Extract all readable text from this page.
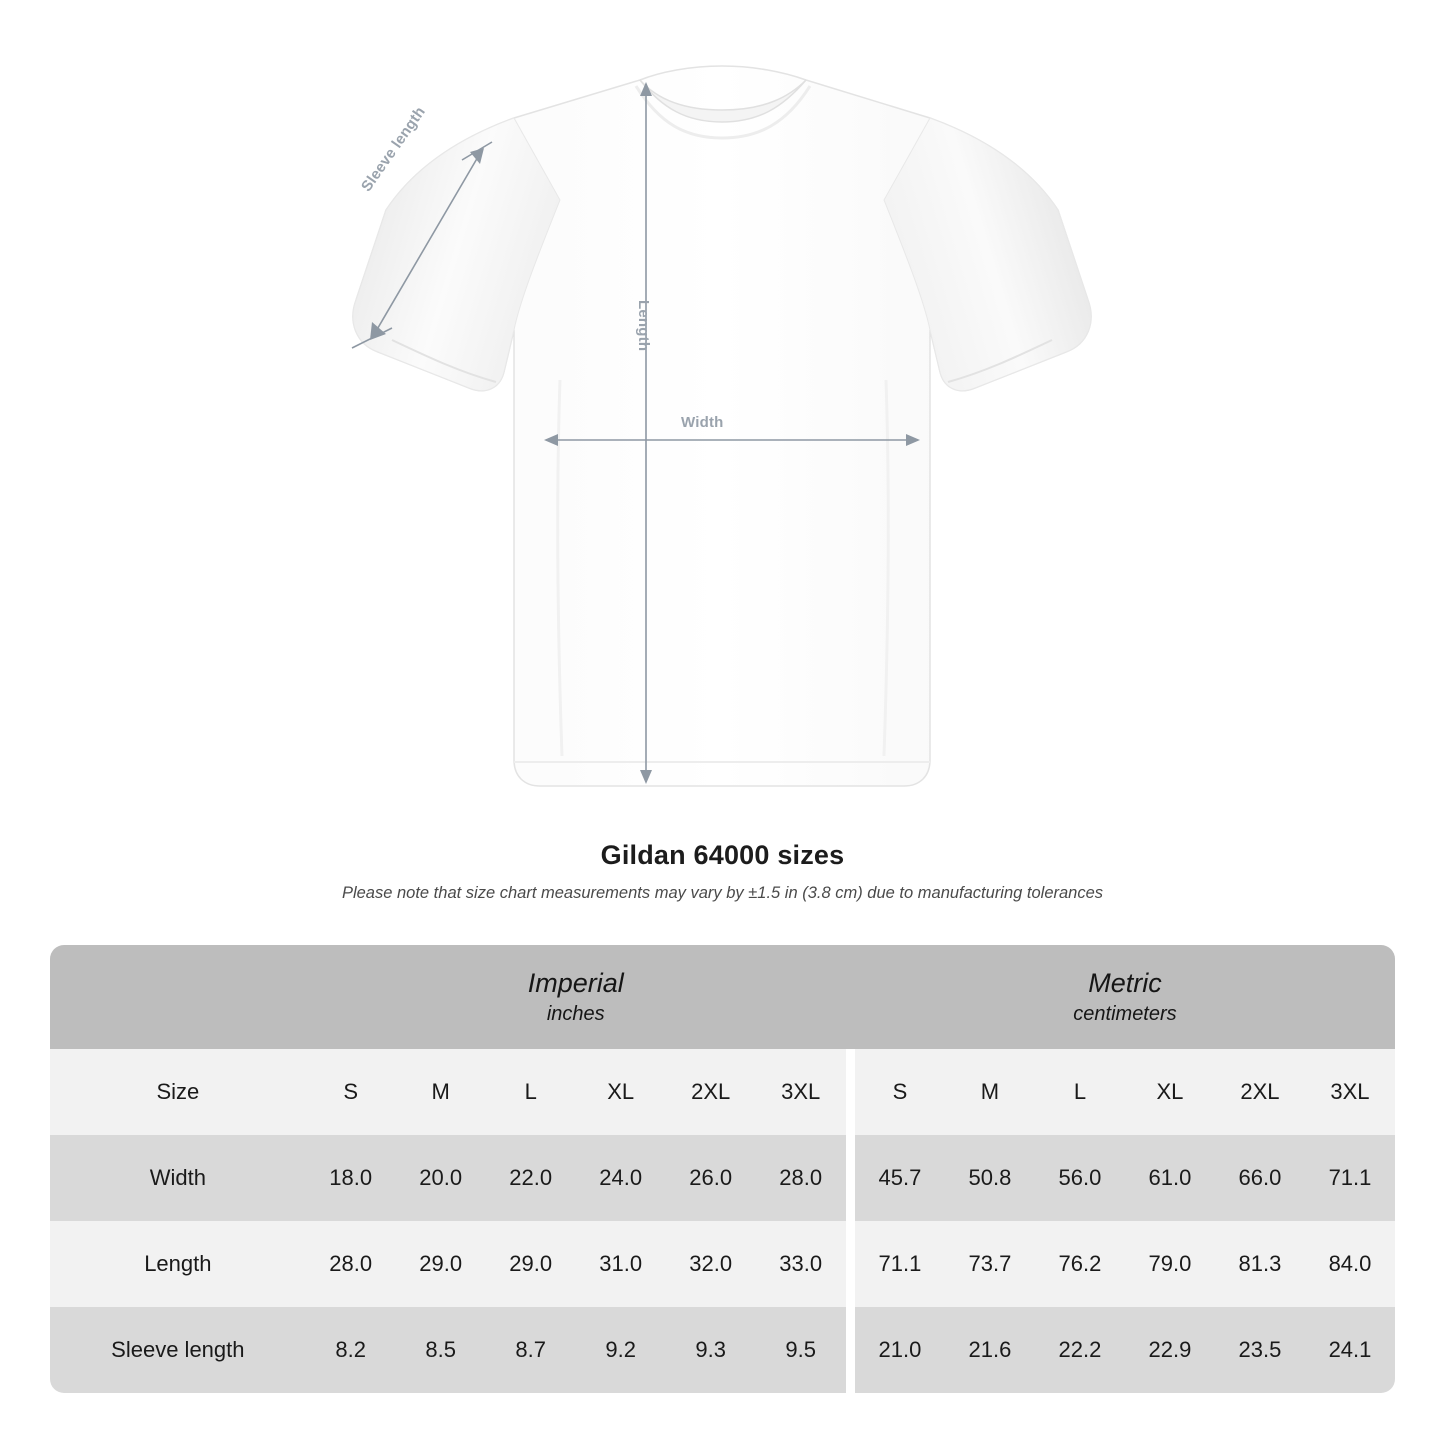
Sleeve length
Length
Width
Gildan 64000 sizes

Please note that size chart measurements may vary by ±1.5 in (3.8 cm) due to manufacturing tolerances

	Imperial
inches							Metric
centimeters					

Size	S	M	L	XL	2XL	3XL		S	M	L	XL	2XL	3XL
Width	18.0	20.0	22.0	24.0	26.0	28.0		45.7	50.8	56.0	61.0	66.0	71.1
Length	28.0	29.0	29.0	31.0	32.0	33.0		71.1	73.7	76.2	79.0	81.3	84.0
Sleeve length	8.2	8.5	8.7	9.2	9.3	9.5		21.0	21.6	22.2	22.9	23.5	24.1
